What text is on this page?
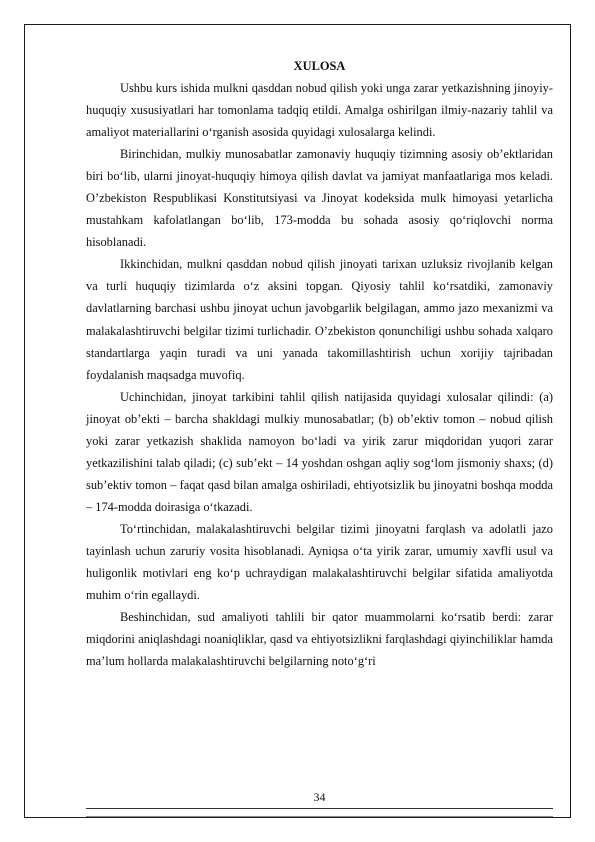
XULOSA

Ushbu kurs ishida mulkni qasddan nobud qilish yoki unga zarar yetkazishning jinoyiy-huquqiy xususiyatlari har tomonlama tadqiq etildi. Amalga oshirilgan ilmiy-nazariy tahlil va amaliyot materiallarini o‘rganish asosida quyidagi xulosalarga kelindi.

Birinchidan, mulkiy munosabatlar zamonaviy huquqiy tizimning asosiy ob’ektlaridan biri bo‘lib, ularni jinoyat-huquqiy himoya qilish davlat va jamiyat manfaatlariga mos keladi. O’zbekiston Respublikasi Konstitutsiyasi va Jinoyat kodeksida mulk himoyasi yetarlicha mustahkam kafolatlangan bo‘lib, 173-modda bu sohada asosiy qo‘riqlovchi norma hisoblanadi.

Ikkinchidan, mulkni qasddan nobud qilish jinoyati tarixan uzluksiz rivojlanib kelgan va turli huquqiy tizimlarda o‘z aksini topgan. Qiyosiy tahlil ko‘rsatdiki, zamonaviy davlatlarning barchasi ushbu jinoyat uchun javobgarlik belgilagan, ammo jazo mexanizmi va malakalashtiruvchi belgilar tizimi turlichadir. O’zbekiston qonunchiligi ushbu sohada xalqaro standartlarga yaqin turadi va uni yanada takomillashtirish uchun xorijiy tajribadan foydalanish maqsadga muvofiq.

Uchinchidan, jinoyat tarkibini tahlil qilish natijasida quyidagi xulosalar qilindi: (a) jinoyat ob’ekti – barcha shakldagi mulkiy munosabatlar; (b) ob’ektiv tomon – nobud qilish yoki zarar yetkazish shaklida namoyon bo‘ladi va yirik zarur miqdoridan yuqori zarar yetkazilishini talab qiladi; (c) sub’ekt – 14 yoshdan oshgan aqliy sog‘lom jismoniy shaxs; (d) sub’ektiv tomon – faqat qasd bilan amalga oshiriladi, ehtiyotsizlik bu jinoyatni boshqa modda – 174-modda doirasiga o‘tkazadi.

To‘rtinchidan, malakalashtiruvchi belgilar tizimi jinoyatni farqlash va adolatli jazo tayinlash uchun zaruriy vosita hisoblanadi. Ayniqsa o‘ta yirik zarar, umumiy xavfli usul va huligonlik motivlari eng ko‘p uchraydigan malakalashtiruvchi belgilar sifatida amaliyotda muhim o‘rin egallaydi.

Beshinchidan, sud amaliyoti tahlili bir qator muammolarni ko‘rsatib berdi: zarar miqdorini aniqlashdagi noaniqliklar, qasd va ehtiyotsizlikni farqlashdagi qiyinchiliklar hamda ma’lum hollarda malakalashtiruvchi belgilarning noto‘g‘ri

34
